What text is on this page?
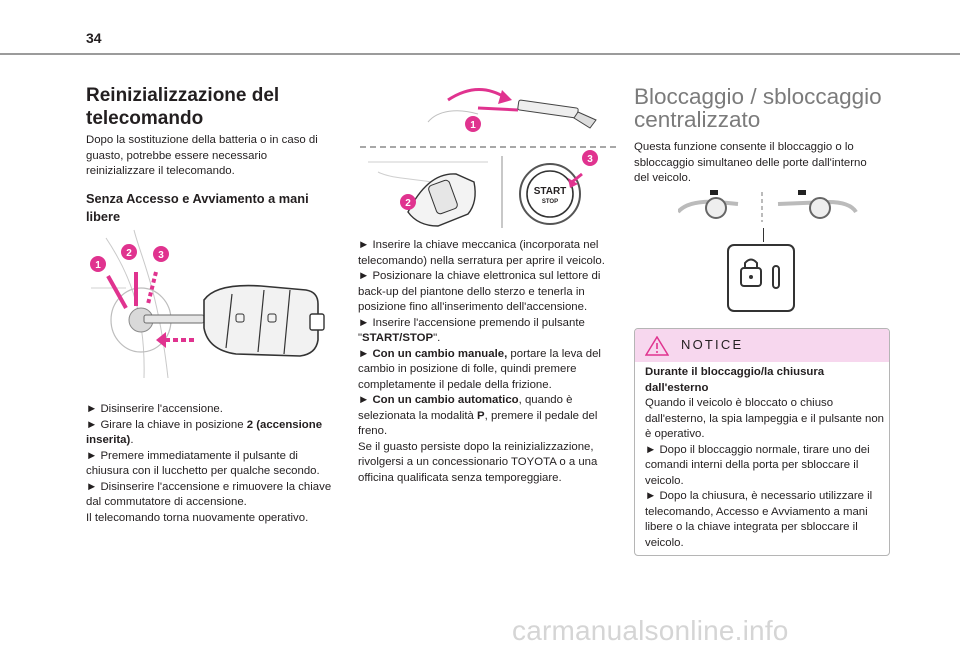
34
Reinizializzazione del telecomando

Dopo la sostituzione della batteria o in caso di guasto, potrebbe essere necessario reinizializzare il telecomando.

Senza Accesso e Avviamento a mani libere
1
2	3

► Disinserire l'accensione.

► Girare la chiave in posizione 2 (accensione inserita).

► Premere immediatamente il pulsante di chiusura con il lucchetto per qualche secondo.

► Disinserire l'accensione e rimuovere la chiave dal commutatore di accensione.

Il telecomando torna nuovamente operativo.

1
2
START
STOP
3

► Inserire la chiave meccanica (incorporata nel telecomando) nella serratura per aprire il veicolo.

► Posizionare la chiave elettronica sul lettore di back-up del piantone dello sterzo e tenerla in posizione fino all'inserimento dell'accensione.

► Inserire l'accensione premendo il pulsante "START/STOP".

► Con un cambio manuale, portare la leva del cambio in posizione di folle, quindi premere completamente il pedale della frizione.

► Con un cambio automatico, quando è selezionata la modalità P, premere il pedale del freno.

Se il guasto persiste dopo la reinizializzazione, rivolgersi a un concessionario TOYOTA o a una officina qualificata senza temporeggiare.

Bloccaggio / sbloccaggio centralizzato

Questa funzione consente il bloccaggio o lo sbloccaggio simultaneo delle porte dall'interno del veicolo.

NOTICE

Durante il bloccaggio/la chiusura dall'esterno

Quando il veicolo è bloccato o chiuso dall'esterno, la spia lampeggia e il pulsante non è operativo.

► Dopo il bloccaggio normale, tirare uno dei comandi interni della porta per sbloccare il veicolo.

► Dopo la chiusura, è necessario utilizzare il telecomando, Accesso e Avviamento a mani libere o la chiave integrata per sbloccare il veicolo.

carmanualsonline.info
